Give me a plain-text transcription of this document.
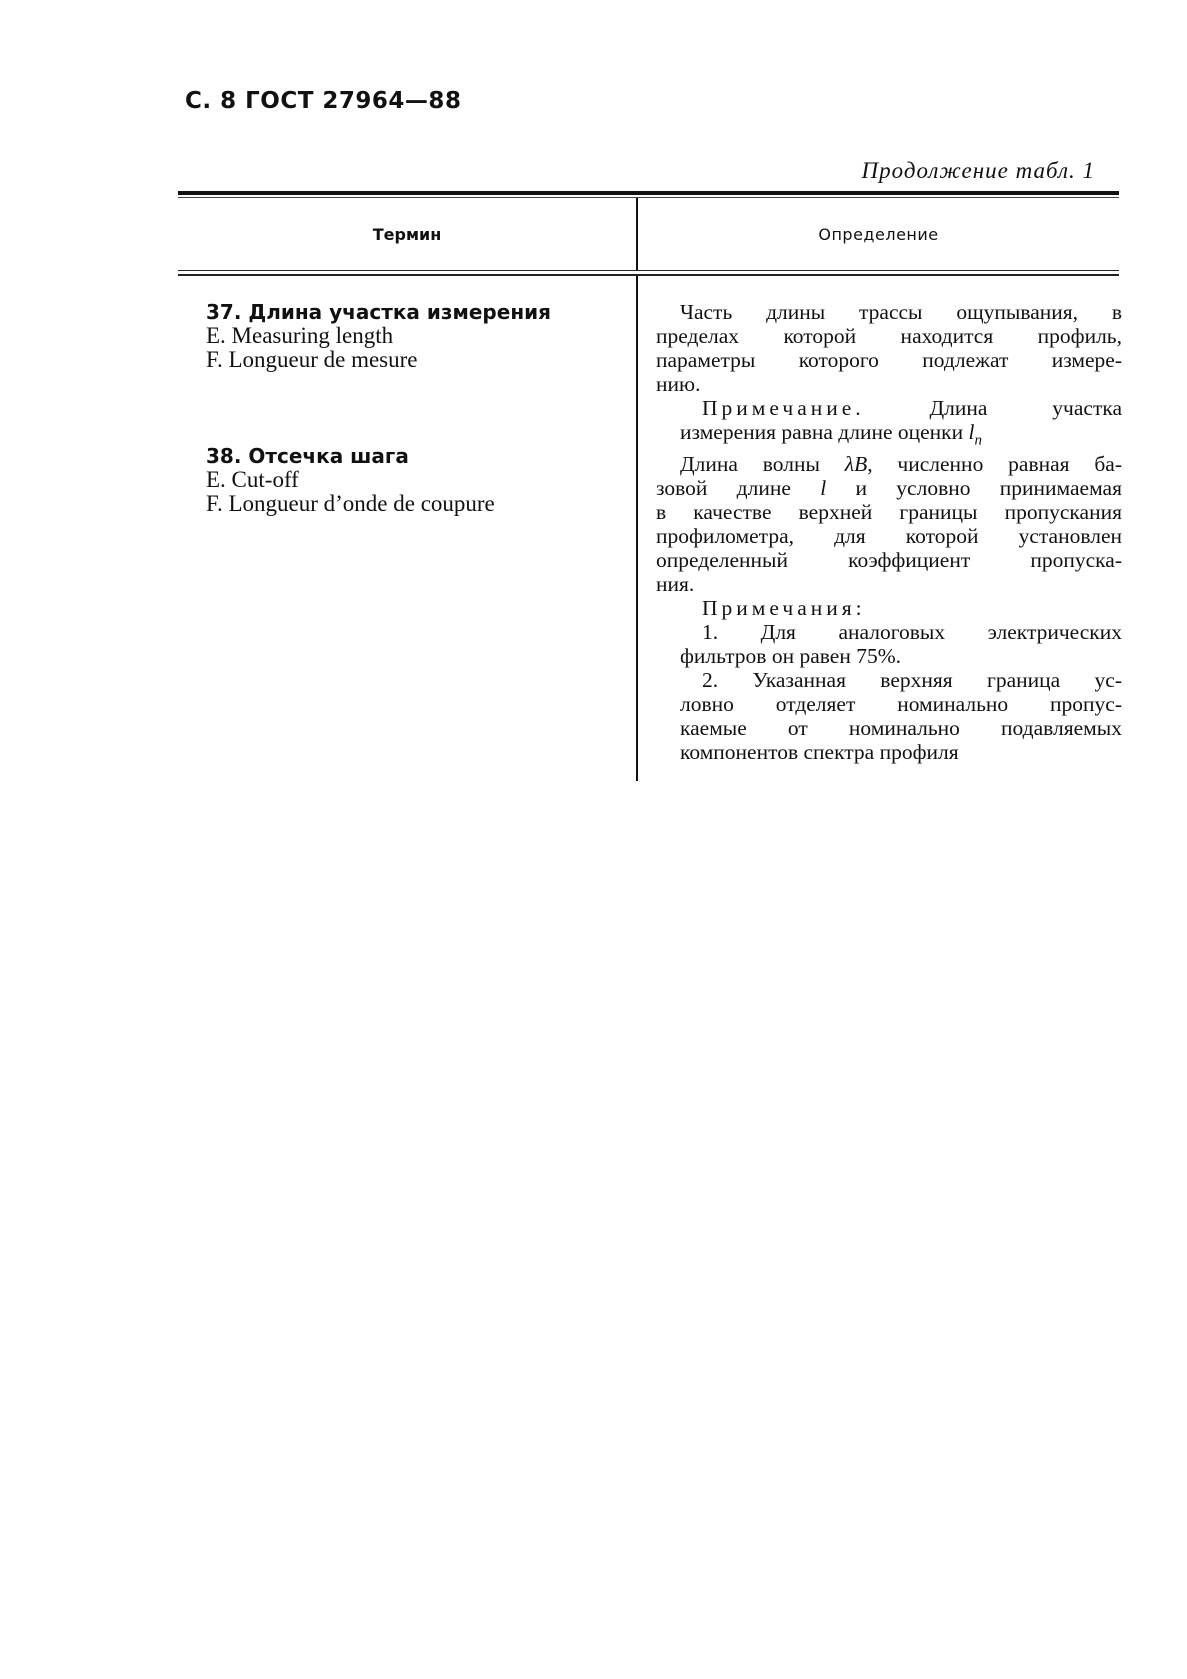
С. 8 ГОСТ 27964—88
Продолжение табл. 1
Термин	Определение
37. Длина участка измерения
E. Measuring length
F. Longueur de mesure
38. Отсечка шага
E. Cut-off
F. Longueur d’onde de coupure
Часть длины трассы ощупывания, в
пределах которой находится профиль,
параметры которого подлежат измере-
нию.
Примечание.	Длина участка
измерения равна длине оценки $l_n$
Длина волны λB, численно равная ба-
зовой длине l и условно принимаемая
в качестве верхней границы пропускания
профилометра, для которой установлен
определенный коэффициент пропуска-
ния.
Примечания:
1. Для аналоговых электрических
фильтров он равен 75%.
2. Указанная верхняя граница ус-
ловно отделяет номинально пропус-
каемые от номинально подавляемых
компонентов спектра профиля
